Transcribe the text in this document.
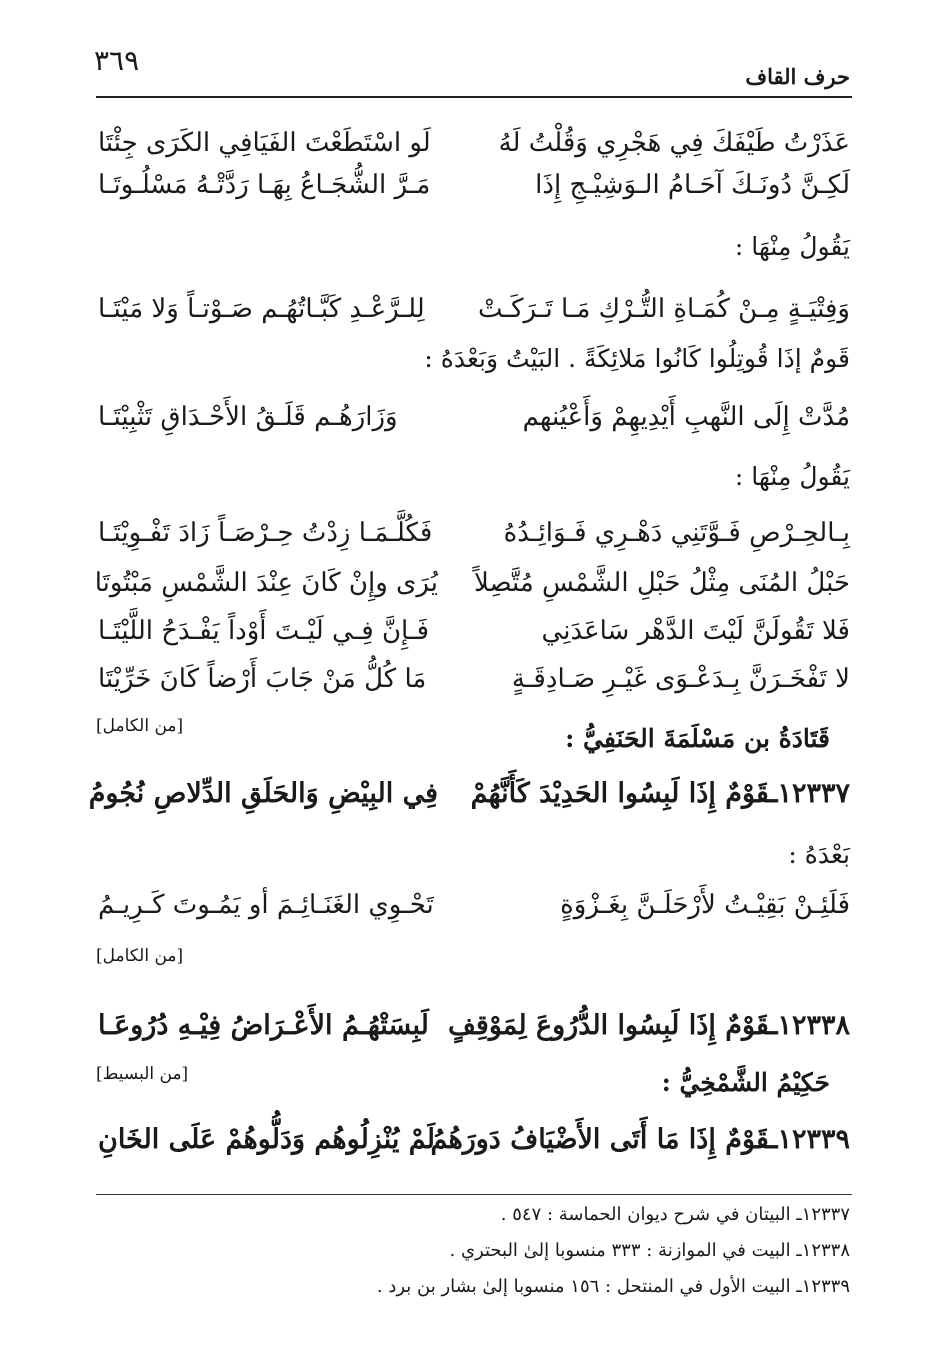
٣٦٩	حرف القاف
عَذَرْتُ طَيْفَكَ فِي هَجْرِي وَقُلْتُ لَهُ
لَو اسْتَطَعْتَ الفَيَافِي الكَرَى جِئْتَا
لَكِـنَّ دُونَـكَ آحَـامُ الـوَشِيْـجِ إِذَا
مَـرَّ الشُّجَـاعُ بِهَـا رَدَّتْـهُ مَسْلُـوتَـا
يَقُولُ مِنْهَا :
وَفِتْيَـةٍ مِـنْ كُمَـاةِ التُّـرْكِ مَـا تَـرَكَـتْ
لِلـرَّعْـدِ كَبَّـاتُهُـم صَـوْتـاً وَلا مَيْتَـا
قَومٌ إذَا قُوتِلُوا كَانُوا مَلائِكَةً . البَيْتُ وَبَعْدَهُ :
مُدَّتْ إِلَى النَّهبِ أَيْدِيهِمْ وَأَعْيُنهم
وَزَارَهُـم قَلَـقُ الأَحْـدَاقِ تَثْبِيْتَـا
يَقُولُ مِنْهَا :
بِـالحِـرْصِ فَـوَّتَنِي دَهْـرِي فَـوَائِـدُهُ
فَكُلَّـمَـا زِدْتُ حِـرْصَـاً زَادَ تَفْـوِيْتَـا
حَبْلُ المُنَى مِثْلُ حَبْلِ الشَّمْسِ مُتَّصِلاً
يُرَى وإِنْ كَانَ عِنْدَ الشَّمْسِ مَبْتُوتَا
فَلا تَقُولَنَّ لَيْتَ الدَّهْر سَاعَدَنِي
فَـإِنَّ فِـي لَيْـتَ أَوْداً يَفْـدَحُ اللَّيْتَـا
لا تَفْخَـرَنَّ بِـدَعْـوَى غَيْـرِ صَـادِقَـةٍ
مَا كُلُّ مَنْ جَابَ أَرْضاً كَانَ خَرِّيْتَا
قَتَادَةُ بن مَسْلَمَةَ الحَنَفِيُّ :
[من الكامل]
١٢٣٣٧ـقَوْمٌ إِذَا لَبِسُوا الحَدِيْدَ كَأَنَّهُمْ
فِي البِيْضِ وَالحَلَقِ الدِّلاصِ نُجُومُ
بَعْدَهُ :
فَلَئِـنْ بَقِيْـتُ لأَرْحَلَـنَّ بِغَـزْوَةٍ
تَحْـوِي الغَنَـائِـمَ أو يَمُـوتَ كَـرِيـمُ
[من الكامل]
١٢٣٣٨ـقَوْمٌ إِذَا لَبِسُوا الدُّرُوعَ لِمَوْقِفٍ
لَبِسَتْهُـمُ الأَعْـرَاضُ فِيْـهِ دُرُوعَـا
حَكِيْمُ الشَّمْخِيُّ :
[من البسيط]
١٢٣٣٩ـقَوْمٌ إِذَا مَا أَتَى الأَضْيَافُ دَورَهُمُ
لَمْ يُنْزِلُوهُم وَدَلُّوهُمْ عَلَى الخَانِ
١٢٣٣٧ـ البيتان في شرح ديوان الحماسة : ٥٤٧ .
١٢٣٣٨ـ البيت في الموازنة : ٣٣٣ منسوبا إلىٰ البحتري .
١٢٣٣٩ـ البيت الأول في المنتحل : ١٥٦ منسوبا إلىٰ بشار بن برد .
